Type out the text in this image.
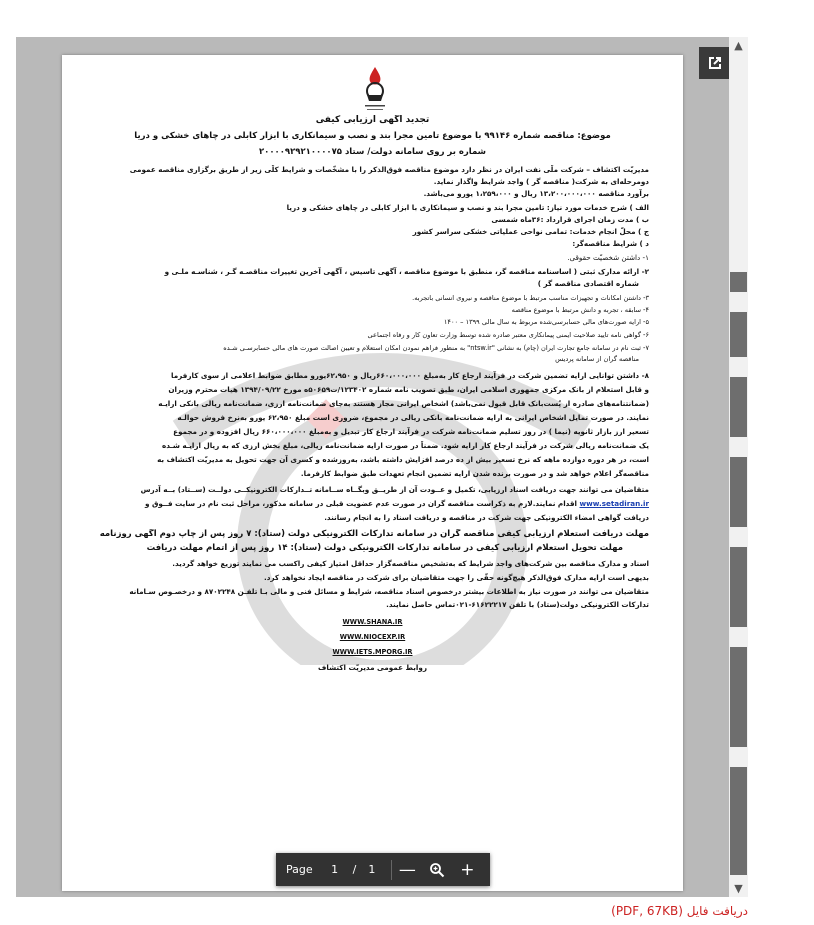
تجدید آگهی ارزیابی کیفی
موضوع: مناقصه شماره ۹۹۱۴۶ با موضوع تامین مجرا بند و نصب و سیمانکاری با ابزار کابلی در چاهای خشکی و دریا
شماره بر روی سامانه دولت/ ستاد ۲۰۰۰۰۹۲۹۲۱۰۰۰۰۷۵
مدیریّت اکتشاف – شرکت ملّی نفت ایران در نظر دارد موضوع مناقصه فوق‌الذکر را با مشخّصات و شرایط کلّی زیر از طریق برگزاری مناقصه عمومی
دومرحله‌ای به شرکت( مناقصه گر ) واجد شرایط واگذار نماید.
برآورد مناقصه ۱۳،۲۰۰،۰۰۰،۰۰۰ ریال و ۱،۲۵۹،۰۰۰ یورو می‌باشد.
الف ) شرح خدمات مورد نیاز: تامین مجرا بند و نصب و سیمانکاری با ابزار کابلی در چاهای خشکی و دریا
ب ) مدت زمان اجرای قرارداد :۳۶ماه شمسی
ج ) محلّ انجام خدمات: تمامی نواحی عملیاتی خشکی سراسر کشور
د ) شرایط مناقصه‌گر:
۱- داشتن شخصیّت حقوقی.
۲- ارائه مدارک ثبتی ( اساسنامه مناقصه گر، منطبق با موضوع مناقصه ، آگهی تاسیس ، آگهی آخرین تغییرات مناقصـه گـر ، شناسـه ملـی و
شماره اقتصادی مناقصه گر )
۳- داشتن امکانات و تجهیزات مناسب مرتبط با موضوع مناقصه و نیروی انسانی باتجربه.
۴- سابقه ، تجربه و دانش مرتبط با موضوع مناقصه
۵- ارایه صورت‌های مالی حسابرسی‌شده مربوط به سال مالی ۱۳۹۹ – ۱۴۰۰
۶- گواهی نامه تایید صلاحیت ایمنی پیمانکاری معتبر صادره شده توسط وزارت تعاون کار و رفاه اجتماعی
۷- ثبت نام در سامانه جامع تجارت ایران (چام) به نشانی "ntsw.ir" به منظور فراهم نمودن امکان استعلام و تعیین اصالت صورت های مالی حسابرسـی شـده
مناقصه گران از سامانه پردیس
۸- داشتن توانایی ارایه تضمین شرکت در فرآیند ارجاع کار به‌مبلغ ۶۶۰،۰۰۰،۰۰۰ریال و ۶۲،۹۵۰یورو مطابق ضوابط اعلامی از سوی کارفرما
و قابل استعلام از بانک مرکزی جمهوری اسلامی ایران، طبق تصویب نامه شماره ۱۲۳۴۰۲/ت۵۰۶۵۹ه مورخ ۱۳۹۴/۰۹/۲۲ هیات محترم وزیران
(ضمانتنامه‌های صادره از پُست‌بانک قابل قبول نمی‌باشد) اشخاص ایرانی مجاز هستند به‌جای ضمانت‌نامه ارزی، ضمانت‌نامه ریالی بانکی ارایـه
نمایند. در صورت تمایل اشخاص ایرانی به ارایه ضمانت‌نامه بانکی ریالی در مجموع، ضروری است مبلغ ۶۲،۹۵۰ یورو به‌نرخ فروش حوالـه
تسعیر ارز بازار ثانویه (نیما ) در روز تسلیم ضمانت‌نامه شرکت در فرآیند ارجاع کار تبدیل و به‌مبلغ ۶۶۰،۰۰۰،۰۰۰ ریال افزوده و در مجموع
یک ضمانت‌نامه ریالی شرکت در فرآیند ارجاع کار ارایه شود. ضمناً در صورت ارایه ضمانت‌نامه ریالی، مبلغ بخش ارزی که به ریال ارایـه شـده
است، در هر دوره دوازده ماهه که نرخ تسعیر بیش از ده درصد افزایش داشته باشد، به‌روزشده و کسری آن جهت تحویل به مدیریّت اکتشاف به
مناقصه‌گر اعلام خواهد شد و در صورت برنده شدن ارایه تضمین انجام تعهدات طبق ضوابط کارفرما.
متقاضیان می توانند جهت دریافت اسناد ارزیابی، تکمیل و عــودت آن از طریــق وبگــاه ســامانه تــدارکات الکترونیکــی دولــت (ســتاد) بــه آدرس
www.setadiran.ir اقدام نمایند.لازم به ذکراست مناقصه گران در صورت عدم عضویت قبلی در سامانه مذکور، مراحل ثبت نام در سایت فــوق و
دریافت گواهی امضاء الکترونیکی جهت شرکت در مناقصه و دریافت اسناد را به انجام رسانند.
مهلت دریافت استعلام ارزیابی کیفی مناقصه گران در سامانه تدارکات الکترونیکی دولت (ستاد): ۷ روز پس از چاپ دوم آگهی روزنامه
مهلت تحویل استعلام ارزیابی کیفی در سامانه تدارکات الکترونیکی دولت (ستاد): ۱۴ روز پس از اتمام مهلت دریافت
اسناد و مدارک مناقصه بین شرکت‌های واجد شرایط که به‌تشخیص مناقصه‌گزار حداقل امتیاز کیفی راکسب می نمایند توزیع خواهد گردید.
بدیهی است ارایه مدارک فوق‌الذکر هیچ‌گونه حقّی را جهت متقاضیان برای شرکت در مناقصه ایجاد نخواهد کرد.
متقاضیان می توانند در صورت نیاز به اطلاعات بیشتر درخصوص اسناد مناقصه، شرایط و مسائل فنی و مالی بـا تلفـن ۸۷۰۲۲۴۸ و درخصـوص سـامانه
تدارکات الکترونیکی دولت(ستاد) با تلفن ۶۱۶۲۲۲۱۷-۰۲۱تماس حاصل نمایند.
WWW.SHANA.IR
WWW.NIOCEXP.IR
WWW.IETS.MPORG.IR
روابط عمومی مدیریّت اکتشاف
▲
▼
Page 1 / 1	—	+
دریافت فایل (PDF, 67KB)
